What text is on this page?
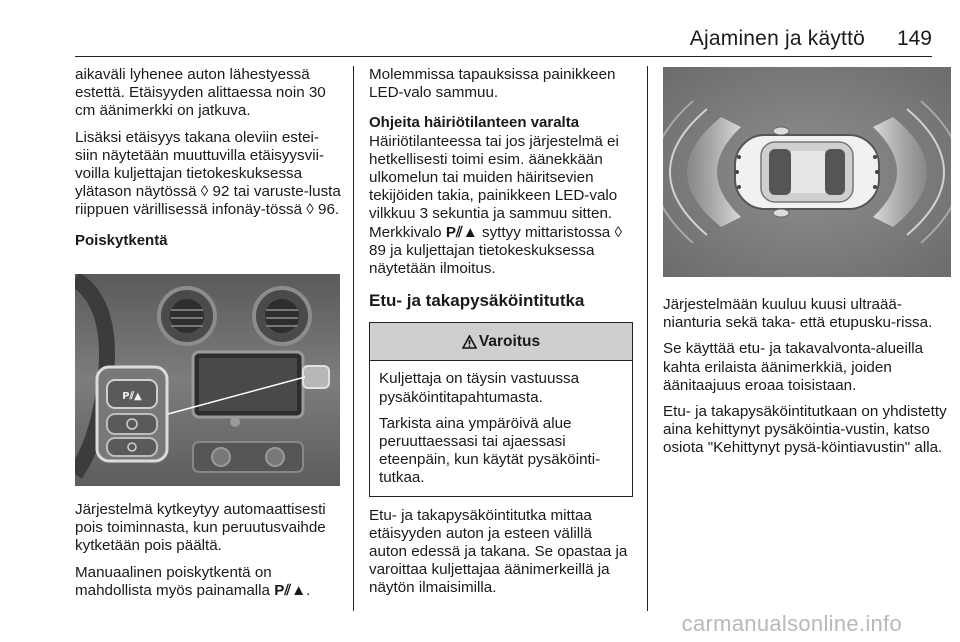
Ajaminen ja käyttö 149

aikaväli lyhenee auton lähestyessä estettä. Etäisyyden alittaessa noin 30 cm äänimerkki on jatkuva.

Lisäksi etäisyys takana oleviin estei-siin näytetään muuttuvilla etäisyysvii-voilla kuljettajan tietokeskuksessa ylätason näytössä ◊ 92 tai varuste-lusta riippuen värillisessä infonäy-tössä ◊ 96.

Poiskytkentä
P⫽▲

Järjestelmä kytkeytyy automaattisesti pois toiminnasta, kun peruutusvaihde kytketään pois päältä.

Manuaalinen poiskytkentä on mahdollista myös painamalla P⫽▲.

Molemmissa tapauksissa painikkeen LED-valo sammuu.

Ohjeita häiriötilanteen varalta

Häiriötilanteessa tai jos järjestelmä ei hetkellisesti toimi esim. äänekkään ulkomelun tai muiden häiritsevien tekijöiden takia, painikkeen LED-valo vilkkuu 3 sekuntia ja sammuu sitten. Merkkivalo P⫽▲ syttyy mittaristossa ◊ 89 ja kuljettajan tietokeskuksessa näytetään ilmoitus.

Etu- ja takapysäköintitutka
Varoitus

Kuljettaja on täysin vastuussa pysäköintitapahtumasta.

Tarkista aina ympäröivä alue peruuttaessasi tai ajaessasi eteenpäin, kun käytät pysäköinti-tutkaa.

Etu- ja takapysäköintitutka mittaa etäisyyden auton ja esteen välillä auton edessä ja takana. Se opastaa ja varoittaa kuljettajaa äänimerkeillä ja näytön ilmaisimilla.

Järjestelmään kuuluu kuusi ultraää-nianturia sekä taka- että etupusku-rissa.

Se käyttää etu- ja takavalvonta-alueilla kahta erilaista äänimerkkiä, joiden äänitaajuus eroaa toisistaan.

Etu- ja takapysäköintitutkaan on yhdistetty aina kehittynyt pysäköintia-vustin, katso osiota "Kehittynyt pysä-köintiavustin" alla.

carmanualsonline.info
